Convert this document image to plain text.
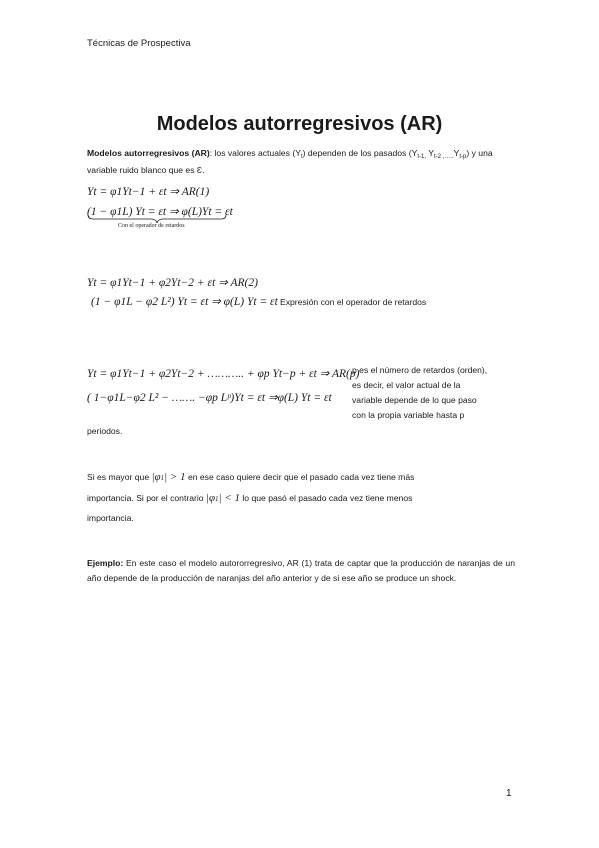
Técnicas de Prospectiva
Modelos autorregresivos (AR)
Modelos autorregresivos (AR): los valores actuales $(Y_t)$ dependen de los pasados ($Y_{t-1,}$ $Y_{t-2 ,\dots..}Y_{t-p}$) y una variable ruido blanco que es Ɛ.
Yt = φ1Yt−1 + εt ⇒ AR(1)
(1 − φ1L) Yt = εt ⇒ φ(L)Yt = εt
Con el operador de retardos
Yt = φ1Yt−1 + φ2Yt−2 + εt ⇒ AR(2)
(1 − φ1L − φ2 L²) Yt = εt ⇒ φ(L) Yt = εt Expresión con el operador de retardos
Yt = φ1Yt−1 + φ2Yt−2 + ……….. + φp Yt−p + εt ⇒ AR(p)
( 1−φ1L−φ2 L² − ……. −φp Lᵖ)Yt = εt ⇒φ(L) Yt = εt
p es el número de retardos (orden),
es decir, el valor actual de la
variable depende de lo que paso
con la propia variable hasta p
periodos.
Si es mayor que |φ1| > 1 en ese caso quiere decir que el pasado cada vez tiene más
importancia. Si por el contrario |φ1| < 1 lo que pasó el pasado cada vez tiene menos
importancia.
Ejemplo: En este caso el modelo autororregresivo, AR (1) trata de captar que la producción de naranjas de un año depende de la producción de naranjas del año anterior y de si ese año se produce un shock.
1
